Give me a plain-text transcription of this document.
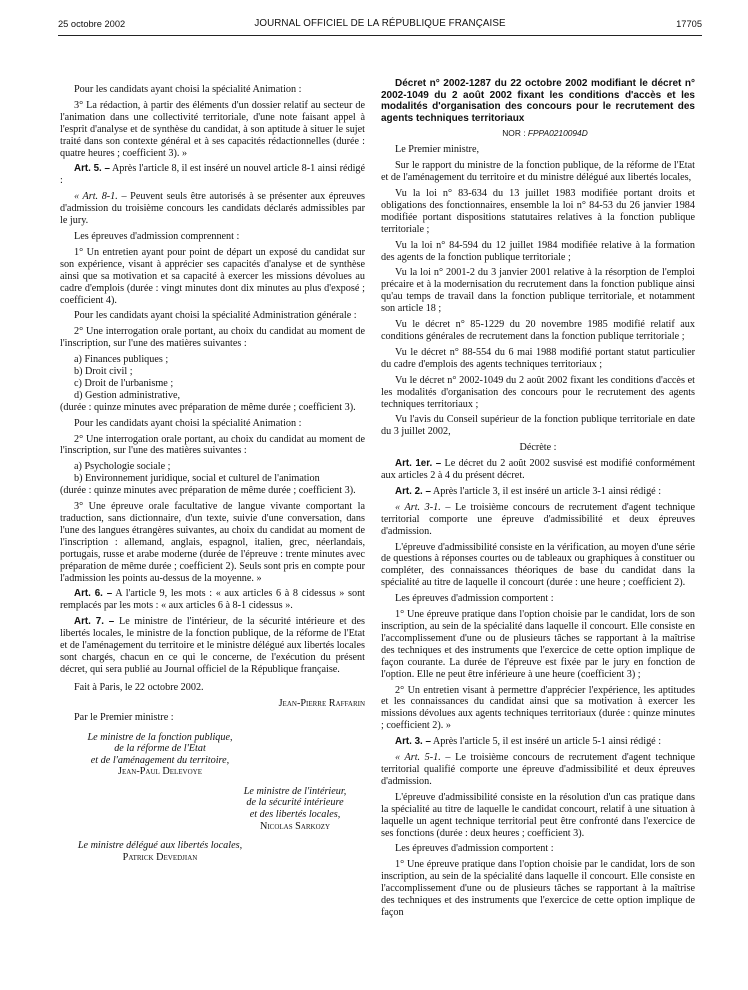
25 octobre 2002	JOURNAL OFFICIEL DE LA RÉPUBLIQUE FRANÇAISE	17705

Pour les candidats ayant choisi la spécialité Animation :

3° La rédaction, à partir des éléments d'un dossier relatif au secteur de l'animation dans une collectivité territoriale, d'une note faisant appel à l'esprit d'analyse et de synthèse du candidat, à son aptitude à situer le sujet traité dans son contexte général et à ses capacités rédactionnelles (durée : quatre heures ; coefficient 3). »

Art. 5. – Après l'article 8, il est inséré un nouvel article 8-1 ainsi rédigé :

« Art. 8-1. – Peuvent seuls être autorisés à se présenter aux épreuves d'admission du troisième concours les candidats déclarés admissibles par le jury.

Les épreuves d'admission comprennent :

1° Un entretien ayant pour point de départ un exposé du candidat sur son expérience, visant à apprécier ses capacités d'analyse et de synthèse ainsi que sa motivation et sa capacité à exercer les missions dévolues au cadre d'emplois (durée : vingt minutes dont dix minutes au plus d'exposé ; coefficient 4).

Pour les candidats ayant choisi la spécialité Administration générale :

2° Une interrogation orale portant, au choix du candidat au moment de l'inscription, sur l'une des matières suivantes :

a) Finances publiques ;

b) Droit civil ;

c) Droit de l'urbanisme ;

d) Gestion administrative,

(durée : quinze minutes avec préparation de même durée ; coefficient 3).

Pour les candidats ayant choisi la spécialité Animation :

2° Une interrogation orale portant, au choix du candidat au moment de l'inscription, sur l'une des matières suivantes :

a) Psychologie sociale ;

b) Environnement juridique, social et culturel de l'animation

(durée : quinze minutes avec préparation de même durée ; coefficient 3).

3° Une épreuve orale facultative de langue vivante comportant la traduction, sans dictionnaire, d'un texte, suivie d'une conversation, dans l'une des langues étrangères suivantes, au choix du candidat au moment de l'inscription : allemand, anglais, espagnol, italien, grec, néerlandais, portugais, russe et arabe moderne (durée de l'épreuve : trente minutes avec préparation de même durée ; coefficient 2). Seuls sont pris en compte pour l'admission les points au-dessus de la moyenne. »

Art. 6. – A l'article 9, les mots : « aux articles 6 à 8 cidessus » sont remplacés par les mots : « aux articles 6 à 8-1 cidessus ».

Art. 7. – Le ministre de l'intérieur, de la sécurité intérieure et des libertés locales, le ministre de la fonction publique, de la réforme de l'Etat et de l'aménagement du territoire et le ministre délégué aux libertés locales sont chargés, chacun en ce qui le concerne, de l'exécution du présent décret, qui sera publié au Journal officiel de la République française.

Fait à Paris, le 22 octobre 2002.

Jean-Pierre Raffarin

Par le Premier ministre :

Le ministre de la fonction publique,
de la réforme de l'Etat
et de l'aménagement du territoire,
Jean-Paul Delevoye
Le ministre de l'intérieur,
de la sécurité intérieure
et des libertés locales,
Nicolas Sarkozy
Le ministre délégué aux libertés locales,
Patrick Devedjian

Décret n° 2002-1287 du 22 octobre 2002 modifiant le décret n° 2002-1049 du 2 août 2002 fixant les conditions d'accès et les modalités d'organisation des concours pour le recrutement des agents techniques territoriaux

NOR : FPPA0210094D

Le Premier ministre,

Sur le rapport du ministre de la fonction publique, de la réforme de l'Etat et de l'aménagement du territoire et du ministre délégué aux libertés locales,

Vu la loi n° 83-634 du 13 juillet 1983 modifiée portant droits et obligations des fonctionnaires, ensemble la loi n° 84-53 du 26 janvier 1984 modifiée portant dispositions statutaires relatives à la fonction publique territoriale ;

Vu la loi n° 84-594 du 12 juillet 1984 modifiée relative à la formation des agents de la fonction publique territoriale ;

Vu la loi n° 2001-2 du 3 janvier 2001 relative à la résorption de l'emploi précaire et à la modernisation du recrutement dans la fonction publique ainsi qu'au temps de travail dans la fonction publique territoriale, et notamment son article 18 ;

Vu le décret n° 85-1229 du 20 novembre 1985 modifié relatif aux conditions générales de recrutement dans la fonction publique territoriale ;

Vu le décret n° 88-554 du 6 mai 1988 modifié portant statut particulier du cadre d'emplois des agents techniques territoriaux ;

Vu le décret n° 2002-1049 du 2 août 2002 fixant les conditions d'accès et les modalités d'organisation des concours pour le recrutement des agents techniques territoriaux ;

Vu l'avis du Conseil supérieur de la fonction publique territoriale en date du 3 juillet 2002,

Décrète :

Art. 1er. – Le décret du 2 août 2002 susvisé est modifié conformément aux articles 2 à 4 du présent décret.

Art. 2. – Après l'article 3, il est inséré un article 3-1 ainsi rédigé :

« Art. 3-1. – Le troisième concours de recrutement d'agent technique territorial comporte une épreuve d'admissibilité et deux épreuves d'admission.

L'épreuve d'admissibilité consiste en la vérification, au moyen d'une série de questions à réponses courtes ou de tableaux ou graphiques à constituer ou compléter, des connaissances théoriques de base du candidat dans la spécialité au titre de laquelle il concourt (durée : une heure ; coefficient 2).

Les épreuves d'admission comportent :

1° Une épreuve pratique dans l'option choisie par le candidat, lors de son inscription, au sein de la spécialité dans laquelle il concourt. Elle consiste en l'accomplissement d'une ou de plusieurs tâches se rapportant à la maîtrise des techniques et des instruments que l'exercice de cette option implique de façon courante. La durée de l'épreuve est fixée par le jury en fonction de l'option. Elle ne peut être inférieure à une heure (coefficient 3) ;

2° Un entretien visant à permettre d'apprécier l'expérience, les aptitudes et les connaissances du candidat ainsi que sa motivation à exercer les missions dévolues aux agents techniques territoriaux (durée : quinze minutes ; coefficient 2). »

Art. 3. – Après l'article 5, il est inséré un article 5-1 ainsi rédigé :

« Art. 5-1. – Le troisième concours de recrutement d'agent technique territorial qualifié comporte une épreuve d'admissibilité et deux épreuves d'admission.

L'épreuve d'admissibilité consiste en la résolution d'un cas pratique dans la spécialité au titre de laquelle le candidat concourt, relatif à une situation à laquelle un agent technique territorial peut être confronté dans l'exercice de ses fonctions (durée : deux heures ; coefficient 3).

Les épreuves d'admission comportent :

1° Une épreuve pratique dans l'option choisie par le candidat, lors de son inscription, au sein de la spécialité dans laquelle il concourt. Elle consiste en l'accomplissement d'une ou de plusieurs tâches se rapportant à la maîtrise des techniques et des instruments que l'exercice de cette option implique de façon
